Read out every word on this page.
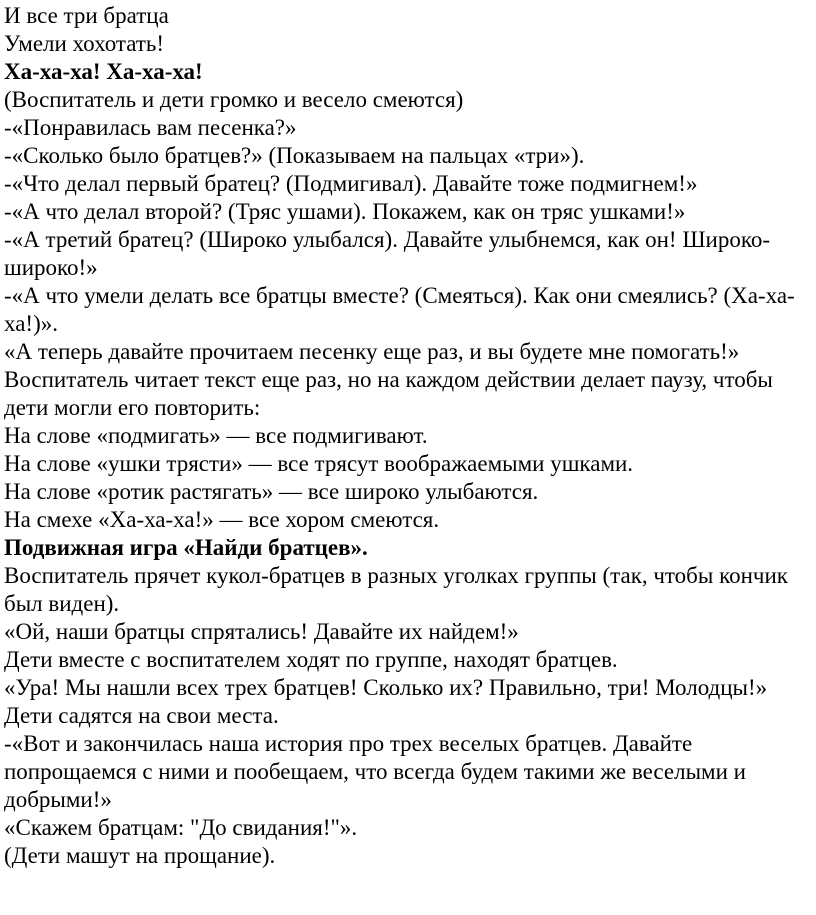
И все три братца

Умели хохотать!

Ха-ха-ха! Ха-ха-ха!

(Воспитатель и дети громко и весело смеются)

-«Понравилась вам песенка?»

-«Сколько было братцев?» (Показываем на пальцах «три»).

-«Что делал первый братец? (Подмигивал). Давайте тоже подмигнем!»

-«А что делал второй? (Тряс ушами). Покажем, как он тряс ушками!»

-«А третий братец? (Широко улыбался). Давайте улыбнемся, как он! Широко-широко!»

-«А что умели делать все братцы вместе? (Смеяться). Как они смеялись? (Ха-ха-ха!)».

«А теперь давайте прочитаем песенку еще раз, и вы будете мне помогать!»

Воспитатель читает текст еще раз, но на каждом действии делает паузу, чтобы дети могли его повторить:

На слове «подмигать» — все подмигивают.

На слове «ушки трясти» — все трясут воображаемыми ушками.

На слове «ротик растягать» — все широко улыбаются.

На смехе «Ха-ха-ха!» — все хором смеются.

Подвижная игра «Найди братцев».

Воспитатель прячет кукол-братцев в разных уголках группы (так, чтобы кончик был виден).

«Ой, наши братцы спрятались! Давайте их найдем!»

Дети вместе с воспитателем ходят по группе, находят братцев.

«Ура! Мы нашли всех трех братцев! Сколько их? Правильно, три! Молодцы!»

Дети садятся на свои места.

-«Вот и закончилась наша история про трех веселых братцев. Давайте попрощаемся с ними и пообещаем, что всегда будем такими же веселыми и добрыми!»

«Скажем братцам: "До свидания!"».

(Дети машут на прощание).
